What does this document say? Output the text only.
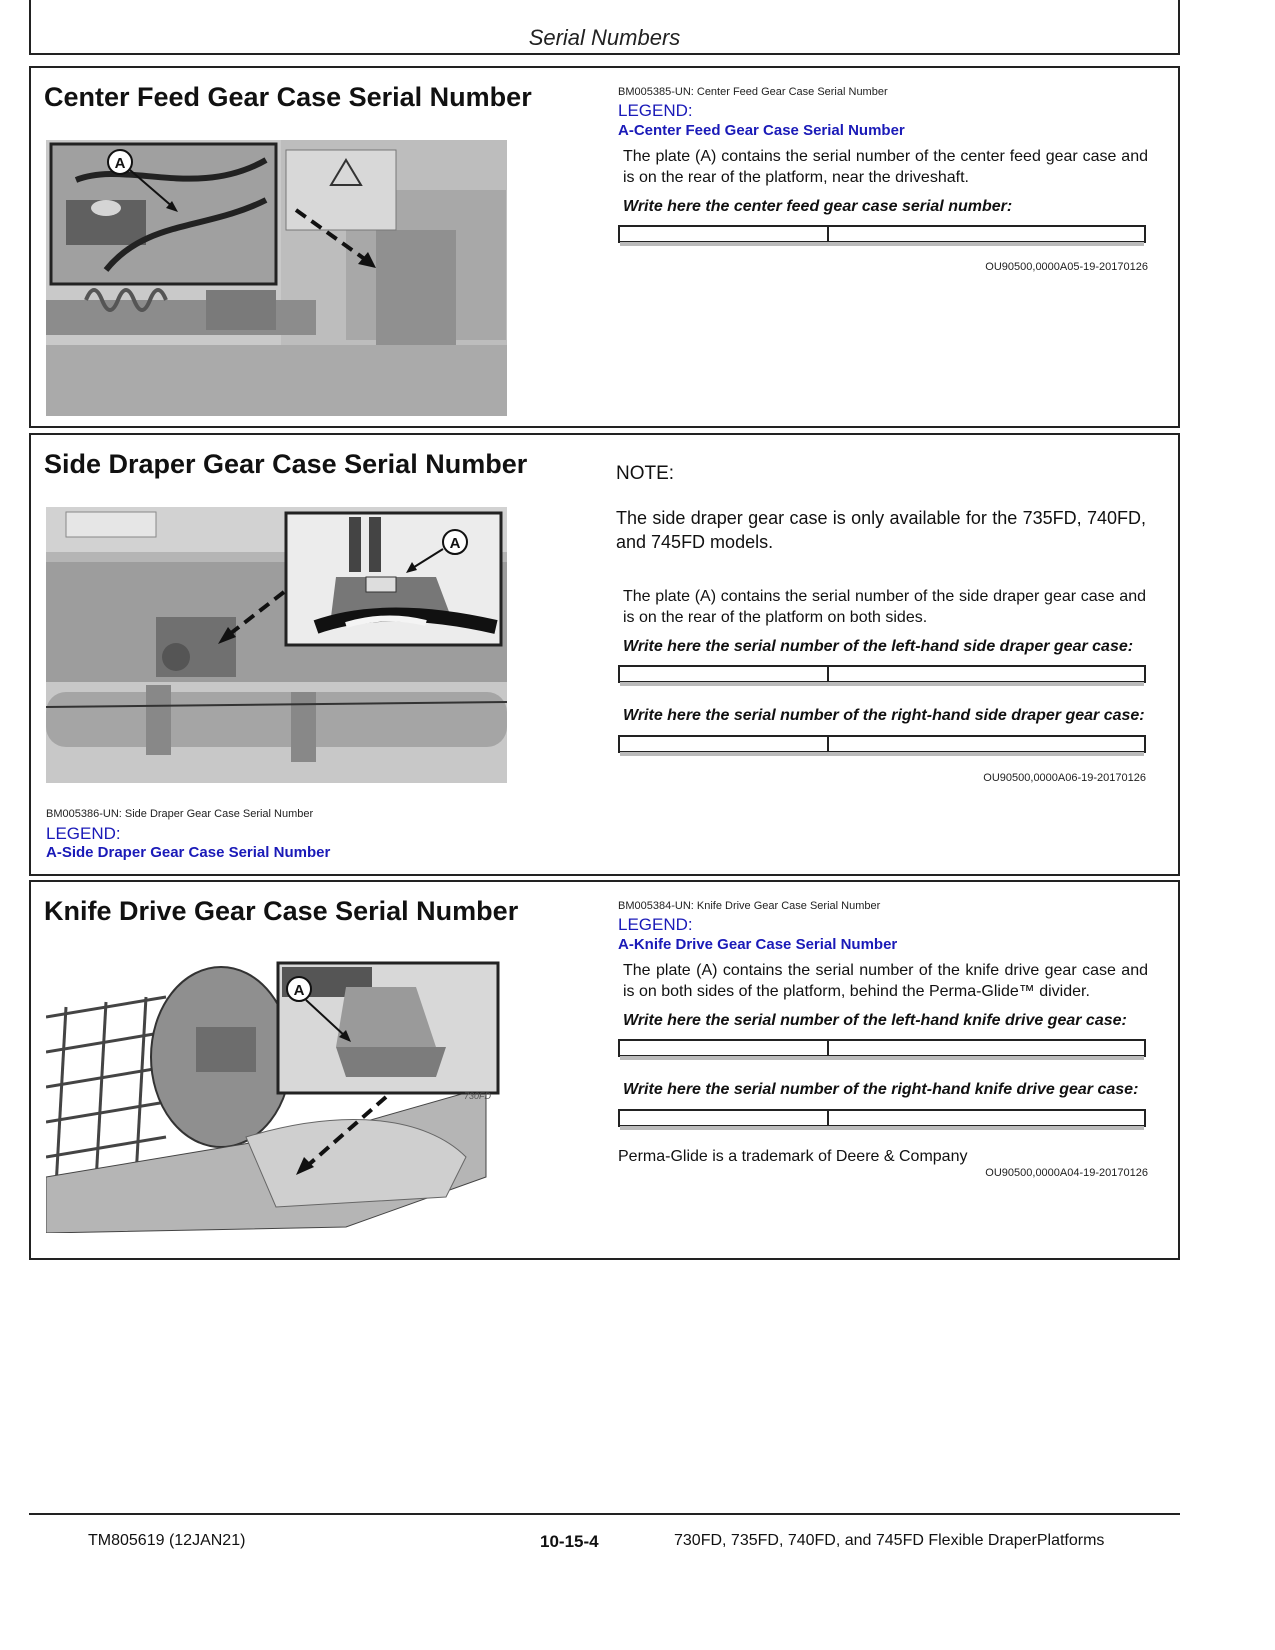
Serial Numbers
Center Feed Gear Case Serial Number
A
BM005385-UN: Center Feed Gear Case Serial Number
LEGEND:
A-Center Feed Gear Case Serial Number
The plate (A) contains the serial number of the center feed gear case and is on the rear of the platform, near the driveshaft.
Write here the center feed gear case serial number:
OU90500,0000A05-19-20170126
Side Draper Gear Case Serial Number
A
BM005386-UN: Side Draper Gear Case Serial Number
LEGEND:
A-Side Draper Gear Case Serial Number
NOTE:
The side draper gear case is only available for the 735FD, 740FD, and 745FD models.
The plate (A) contains the serial number of the side draper gear case and is on the rear of the platform on both sides.
Write here the serial number of the left-hand side draper gear case:
Write here the serial number of the right-hand side draper gear case:
OU90500,0000A06-19-20170126
Knife Drive Gear Case Serial Number
A
730FD
BM005384-UN: Knife Drive Gear Case Serial Number
LEGEND:
A-Knife Drive Gear Case Serial Number
The plate (A) contains the serial number of the knife drive gear case and is on both sides of the platform, behind the Perma-Glide™ divider.
Write here the serial number of the left-hand knife drive gear case:
Write here the serial number of the right-hand knife drive gear case:
Perma-Glide is a trademark of Deere & Company
OU90500,0000A04-19-20170126
TM805619 (12JAN21)	10-15-4	730FD, 735FD, 740FD, and 745FD Flexible DraperPlatforms
